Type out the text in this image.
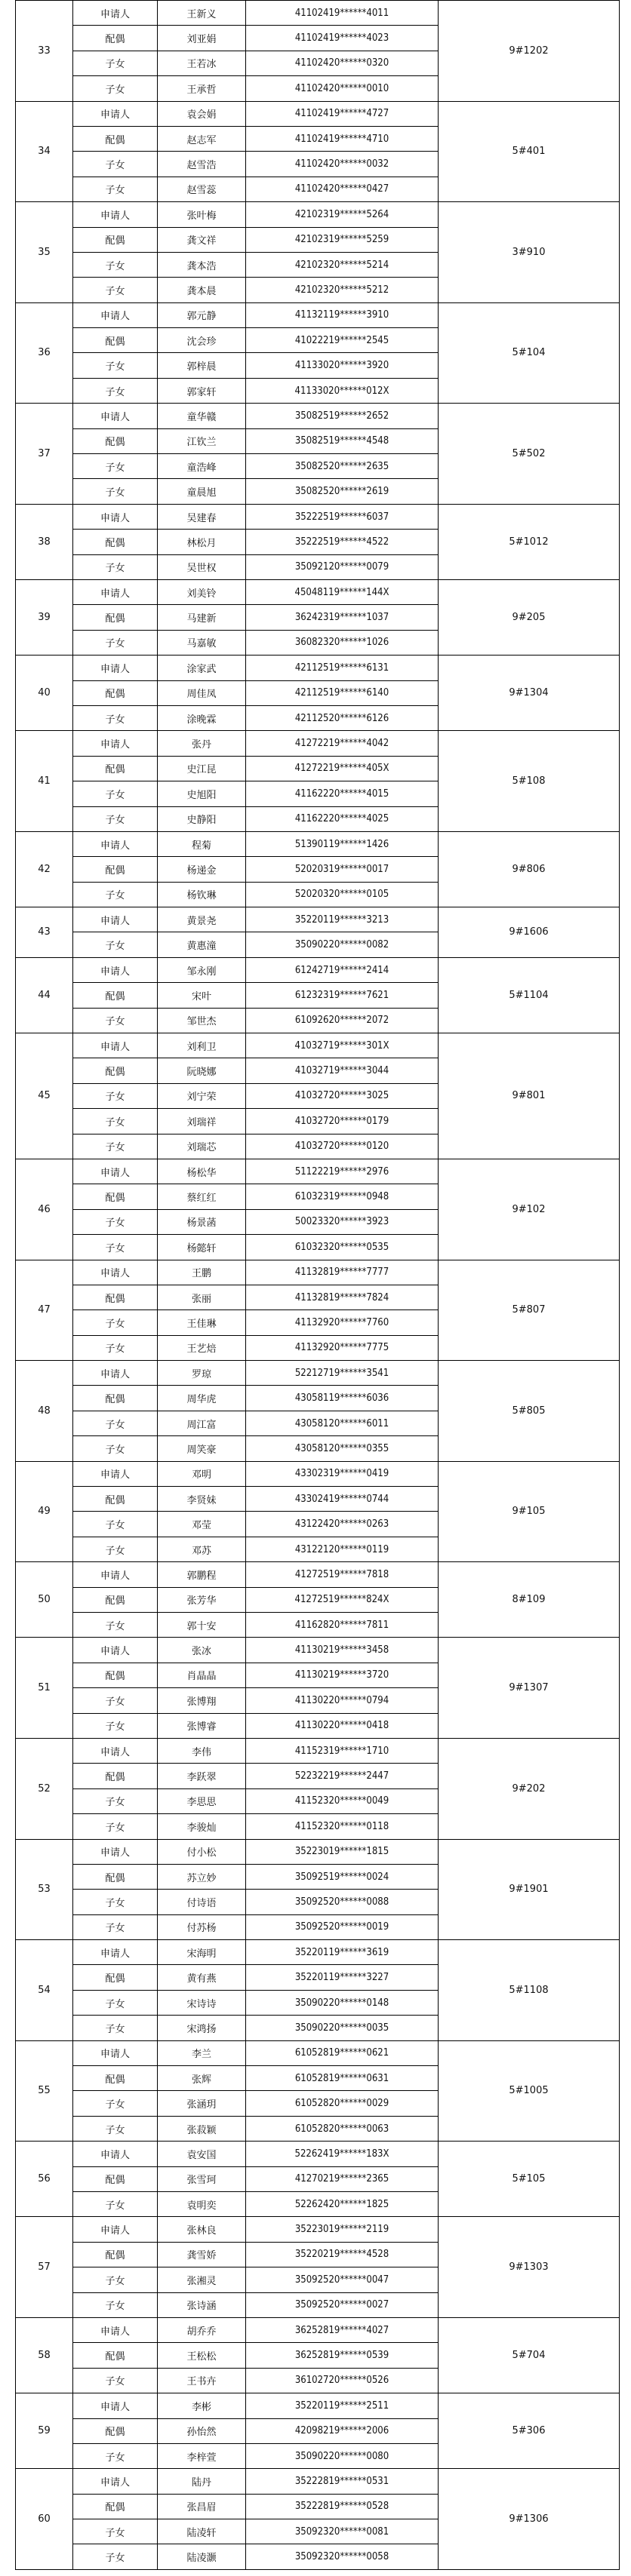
33	申请人	王新义	41102419******4011	9#1202
	配偶	刘亚娟	41102419******4023	
	子女	王若冰	41102420******0320	
	子女	王承哲	41102420******0010	
34	申请人	袁会娟	41102419******4727	5#401
	配偶	赵志军	41102419******4710	
	子女	赵雪浩	41102420******0032	
	子女	赵雪蕊	41102420******0427	
35	申请人	张叶梅	42102319******5264	3#910
	配偶	龚文祥	42102319******5259	
	子女	龚本浩	42102320******5214	
	子女	龚本晨	42102320******5212	
36	申请人	郭元静	41132119******3910	5#104
	配偶	沈会珍	41022219******2545	
	子女	郭梓晨	41133020******3920	
	子女	郭家轩	41133020******012X	
37	申请人	童华赣	35082519******2652	5#502
	配偶	江钦兰	35082519******4548	
	子女	童浩峰	35082520******2635	
	子女	童晨旭	35082520******2619	
38	申请人	吴建春	35222519******6037	5#1012
	配偶	林松月	35222519******4522	
	子女	吴世权	35092120******0079	
39	申请人	刘美铃	45048119******144X	9#205
	配偶	马建新	36242319******1037	
	子女	马嘉敏	36082320******1026	
40	申请人	涂家武	42112519******6131	9#1304
	配偶	周佳凤	42112519******6140	
	子女	涂晚霖	42112520******6126	
41	申请人	张丹	41272219******4042	5#108
	配偶	史江昆	41272219******405X	
	子女	史旭阳	41162220******4015	
	子女	史静阳	41162220******4025	
42	申请人	程菊	51390119******1426	9#806
	配偶	杨递金	52020319******0017	
	子女	杨钦琳	52020320******0105	
43	申请人	黄景尧	35220119******3213	9#1606
	子女	黄惠潼	35090220******0082	
44	申请人	邹永刚	61242719******2414	5#1104
	配偶	宋叶	61232319******7621	
	子女	邹世杰	61092620******2072	
45	申请人	刘利卫	41032719******301X	9#801
	配偶	阮晓娜	41032719******3044	
	子女	刘宁荣	41032720******3025	
	子女	刘瑞祥	41032720******0179	
	子女	刘瑞芯	41032720******0120	
46	申请人	杨松华	51122219******2976	9#102
	配偶	蔡红红	61032319******0948	
	子女	杨景菡	50023320******3923	
	子女	杨懿轩	61032320******0535	
47	申请人	王鹏	41132819******7777	5#807
	配偶	张丽	41132819******7824	
	子女	王佳琳	41132920******7760	
	子女	王艺焙	41132920******7775	
48	申请人	罗琼	52212719******3541	5#805
	配偶	周华虎	43058119******6036	
	子女	周江富	43058120******6011	
	子女	周笑豪	43058120******0355	
49	申请人	邓明	43302319******0419	9#105
	配偶	李贤妹	43302419******0744	
	子女	邓莹	43122420******0263	
	子女	邓苏	43122120******0119	
50	申请人	郭鹏程	41272519******7818	8#109
	配偶	张芳华	41272519******824X	
	子女	郭十安	41162820******7811	
51	申请人	张冰	41130219******3458	9#1307
	配偶	肖晶晶	41130219******3720	
	子女	张博翔	41130220******0794	
	子女	张博睿	41130220******0418	
52	申请人	李伟	41152319******1710	9#202
	配偶	李跃翠	52232219******2447	
	子女	李思思	41152320******0049	
	子女	李骏灿	41152320******0118	
53	申请人	付小松	35223019******1815	9#1901
	配偶	苏立妙	35092519******0024	
	子女	付诗语	35092520******0088	
	子女	付苏杨	35092520******0019	
54	申请人	宋海明	35220119******3619	5#1108
	配偶	黄有燕	35220119******3227	
	子女	宋诗诗	35090220******0148	
	子女	宋鸿扬	35090220******0035	
55	申请人	李兰	61052819******0621	5#1005
	配偶	张辉	61052819******0631	
	子女	张涵玥	61052820******0029	
	子女	张菽颖	61052820******0063	
56	申请人	袁安国	52262419******183X	5#105
	配偶	张雪珂	41270219******2365	
	子女	袁明奕	52262420******1825	
57	申请人	张林良	35223019******2119	9#1303
	配偶	龚雪娇	35220219******4528	
	子女	张湘灵	35092520******0047	
	子女	张诗涵	35092520******0027	
58	申请人	胡乔乔	36252819******4027	5#704
	配偶	王松松	36252819******0539	
	子女	王书卉	36102720******0526	
59	申请人	李彬	35220119******2511	5#306
	配偶	孙怡然	42098219******2006	
	子女	李梓萱	35090220******0080	
60	申请人	陆丹	35222819******0531	9#1306
	配偶	张昌眉	35222819******0528	
	子女	陆凌轩	35092320******0081	
	子女	陆凌灏	35092320******0058	
